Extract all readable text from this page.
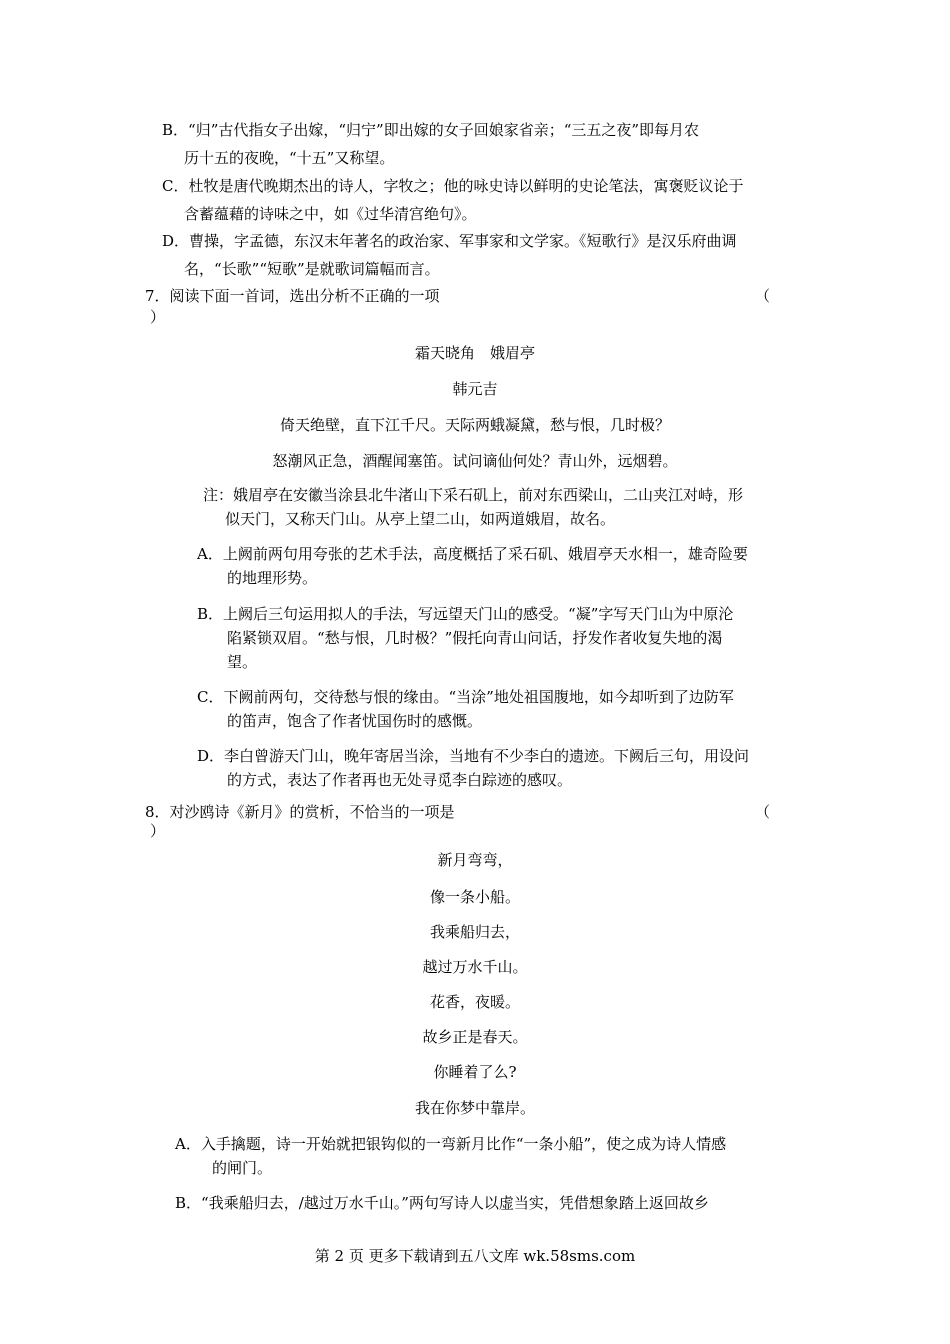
B．“归”古代指女子出嫁，“归宁”即出嫁的女子回娘家省亲；“三五之夜”即每月农
历十五的夜晚，“十五”又称望。
C．杜牧是唐代晚期杰出的诗人，字牧之；他的咏史诗以鲜明的史论笔法，寓褒贬议论于
含蓄蕴藉的诗味之中，如《过华清宫绝句》。
D．曹操，字孟德，东汉末年著名的政治家、军事家和文学家。《短歌行》是汉乐府曲调
名，“长歌”“短歌”是就歌词篇幅而言。
7．阅读下面一首词，选出分析不正确的一项	（
）
霜天晓角　娥眉亭
韩元吉
倚天绝壁，直下江千尺。天际两蛾凝黛，愁与恨，几时极？
怒潮风正急，酒醒闻塞笛。试问谪仙何处？青山外，远烟碧。
注：娥眉亭在安徽当涂县北牛渚山下采石矶上，前对东西梁山，二山夹江对峙，形
似天门，又称天门山。从亭上望二山，如两道娥眉，故名。
A．上阙前两句用夸张的艺术手法，高度概括了采石矶、娥眉亭天水相一，雄奇险要
的地理形势。
B．上阙后三句运用拟人的手法，写远望天门山的感受。“凝”字写天门山为中原沦
陷紧锁双眉。“愁与恨，几时极？”假托向青山问话，抒发作者收复失地的渴
望。
C．下阙前两句，交待愁与恨的缘由。“当涂”地处祖国腹地，如今却听到了边防军
的笛声，饱含了作者忧国伤时的感慨。
D．李白曾游天门山，晚年寄居当涂，当地有不少李白的遗迹。下阙后三句，用设问
的方式，表达了作者再也无处寻觅李白踪迹的感叹。
8．对沙鸥诗《新月》的赏析，不恰当的一项是	（
）
新月弯弯，
像一条小船。
我乘船归去，
越过万水千山。
花香，夜暖。
故乡正是春天。
你睡着了么?
我在你梦中靠岸。
A．入手擒题，诗一开始就把银钩似的一弯新月比作“一条小船”，使之成为诗人情感
的闸门。
B．“我乘船归去，/越过万水千山。”两句写诗人以虚当实，凭借想象踏上返回故乡
第 2 页 更多下载请到五八文库 wk.58sms.com
